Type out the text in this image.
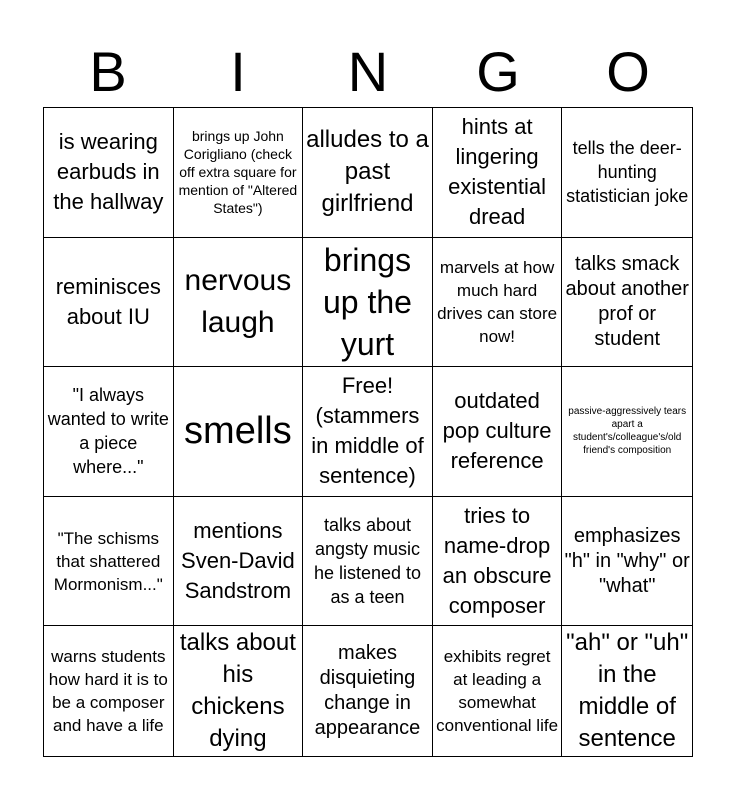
B	I	N	G	O
is wearing earbuds in the hallway
brings up John Corigliano (check off extra square for mention of "Altered States")
alludes to a past girlfriend
hints at lingering existential dread
tells the deer-hunting statistician joke
reminisces about IU
nervous laugh
brings up the yurt
marvels at how much hard drives can store now!
talks smack about another prof or student
"I always wanted to write a piece where..."
smells
Free! (stammers in middle of sentence)
outdated pop culture reference
passive-aggressively tears apart a student's/colleague's/old friend's composition
"The schisms that shattered Mormonism..."
mentions Sven-David Sandstrom
talks about angsty music he listened to as a teen
tries to name-drop an obscure composer
emphasizes "h" in "why" or "what"
warns students how hard it is to be a composer and have a life
talks about his chickens dying
makes disquieting change in appearance
exhibits regret at leading a somewhat conventional life
"ah" or "uh" in the middle of sentence
